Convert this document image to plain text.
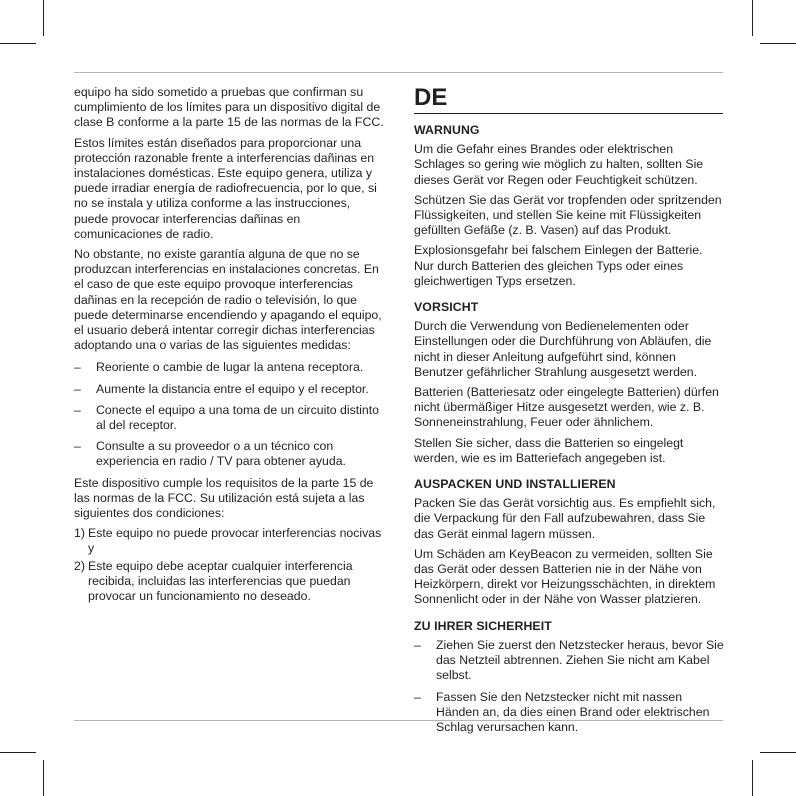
equipo ha sido sometido a pruebas que confirman su cumplimiento de los límites para un dispositivo digital de clase B conforme a la parte 15 de las normas de la FCC.

Estos límites están diseñados para proporcionar una protección razonable frente a interferencias dañinas en instalaciones domésticas. Este equipo genera, utiliza y puede irradiar energía de radiofrecuencia, por lo que, si no se instala y utiliza conforme a las instrucciones, puede provocar interferencias dañinas en comunicaciones de radio.

No obstante, no existe garantía alguna de que no se produzcan interferencias en instalaciones concretas. En el caso de que este equipo provoque interferencias dañinas en la recepción de radio o televisión, lo que puede determinarse encendiendo y apagando el equipo, el usuario deberá intentar corregir dichas interferencias adoptando una o varias de las siguientes medidas:

– Reoriente o cambie de lugar la antena receptora.
– Aumente la distancia entre el equipo y el receptor.
– Conecte el equipo a una toma de un circuito distinto al del receptor.
– Consulte a su proveedor o a un técnico con experiencia en radio / TV para obtener ayuda.

Este dispositivo cumple los requisitos de la parte 15 de las normas de la FCC. Su utilización está sujeta a las siguientes dos condiciones:

1) Este equipo no puede provocar interferencias nocivas y
2) Este equipo debe aceptar cualquier interferencia recibida, incluidas las interferencias que puedan provocar un funcionamiento no deseado.
DE
WARNUNG

Um die Gefahr eines Brandes oder elektrischen Schlages so gering wie möglich zu halten, sollten Sie dieses Gerät vor Regen oder Feuchtigkeit schützen.

Schützen Sie das Gerät vor tropfenden oder spritzenden Flüssigkeiten, und stellen Sie keine mit Flüssigkeiten gefüllten Gefäße (z. B. Vasen) auf das Produkt.

Explosionsgefahr bei falschem Einlegen der Batterie. Nur durch Batterien des gleichen Typs oder eines gleichwertigen Typs ersetzen.

VORSICHT

Durch die Verwendung von Bedienelementen oder Einstellungen oder die Durchführung von Abläufen, die nicht in dieser Anleitung aufgeführt sind, können Benutzer gefährlicher Strahlung ausgesetzt werden.

Batterien (Batteriesatz oder eingelegte Batterien) dürfen nicht übermäßiger Hitze ausgesetzt werden, wie z. B. Sonneneinstrahlung, Feuer oder ähnlichem.

Stellen Sie sicher, dass die Batterien so eingelegt werden, wie es im Batteriefach angegeben ist.

AUSPACKEN UND INSTALLIEREN

Packen Sie das Gerät vorsichtig aus. Es empfiehlt sich, die Verpackung für den Fall aufzubewahren, dass Sie das Gerät einmal lagern müssen.

Um Schäden am KeyBeacon zu vermeiden, sollten Sie das Gerät oder dessen Batterien nie in der Nähe von Heizkörpern, direkt vor Heizungsschächten, in direktem Sonnenlicht oder in der Nähe von Wasser platzieren.

ZU IHRER SICHERHEIT
– Ziehen Sie zuerst den Netzstecker heraus, bevor Sie das Netzteil abtrennen. Ziehen Sie nicht am Kabel selbst.
– Fassen Sie den Netzstecker nicht mit nassen Händen an, da dies einen Brand oder elektrischen Schlag verursachen kann.
